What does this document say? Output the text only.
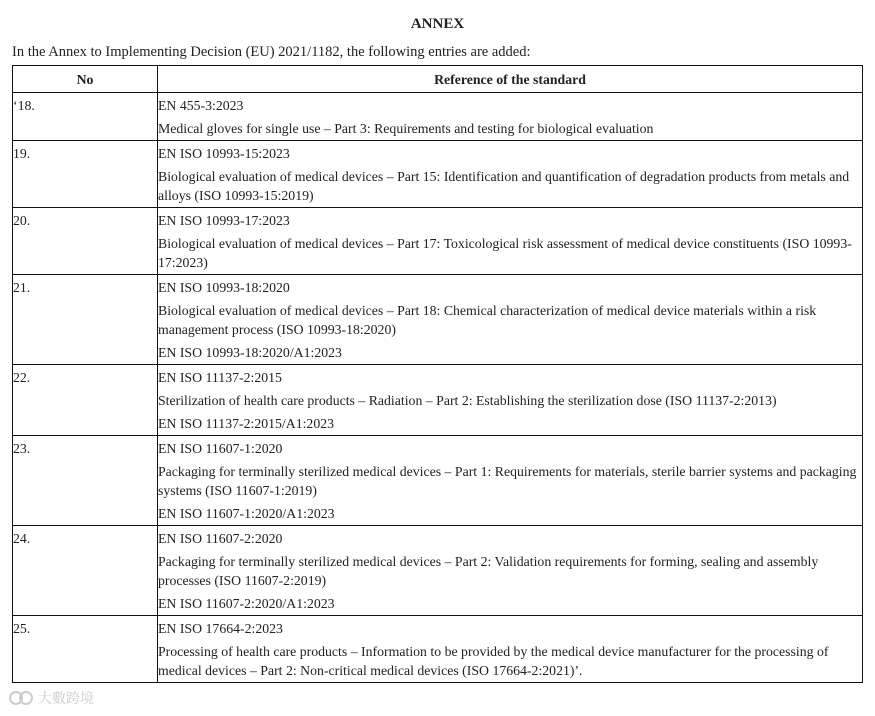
ANNEX
In the Annex to Implementing Decision (EU) 2021/1182, the following entries are added:
No	Reference of the standard
‘18.	EN 455-3:2023
Medical gloves for single use – Part 3: Requirements and testing for biological evaluation

19.	EN ISO 10993-15:2023
Biological evaluation of medical devices – Part 15: Identification and quantification of degradation products from metals and alloys (ISO 10993-15:2019)

20.	EN ISO 10993-17:2023
Biological evaluation of medical devices – Part 17: Toxicological risk assessment of medical device constituents (ISO 10993-17:2023)

21.	EN ISO 10993-18:2020
Biological evaluation of medical devices – Part 18: Chemical characterization of medical device materials within a risk management process (ISO 10993-18:2020)
EN ISO 10993-18:2020/A1:2023

22.	EN ISO 11137-2:2015
Sterilization of health care products – Radiation – Part 2: Establishing the sterilization dose (ISO 11137-2:2013)
EN ISO 11137-2:2015/A1:2023

23.	EN ISO 11607-1:2020
Packaging for terminally sterilized medical devices – Part 1: Requirements for materials, sterile barrier systems and packaging systems (ISO 11607-1:2019)
EN ISO 11607-1:2020/A1:2023

24.	EN ISO 11607-2:2020
Packaging for terminally sterilized medical devices – Part 2: Validation requirements for forming, sealing and assembly processes (ISO 11607-2:2019)
EN ISO 11607-2:2020/A1:2023

25.	EN ISO 17664-2:2023
Processing of health care products – Information to be provided by the medical device manufacturer for the processing of medical devices – Part 2: Non-critical medical devices (ISO 17664-2:2021)’.
大數跨境
